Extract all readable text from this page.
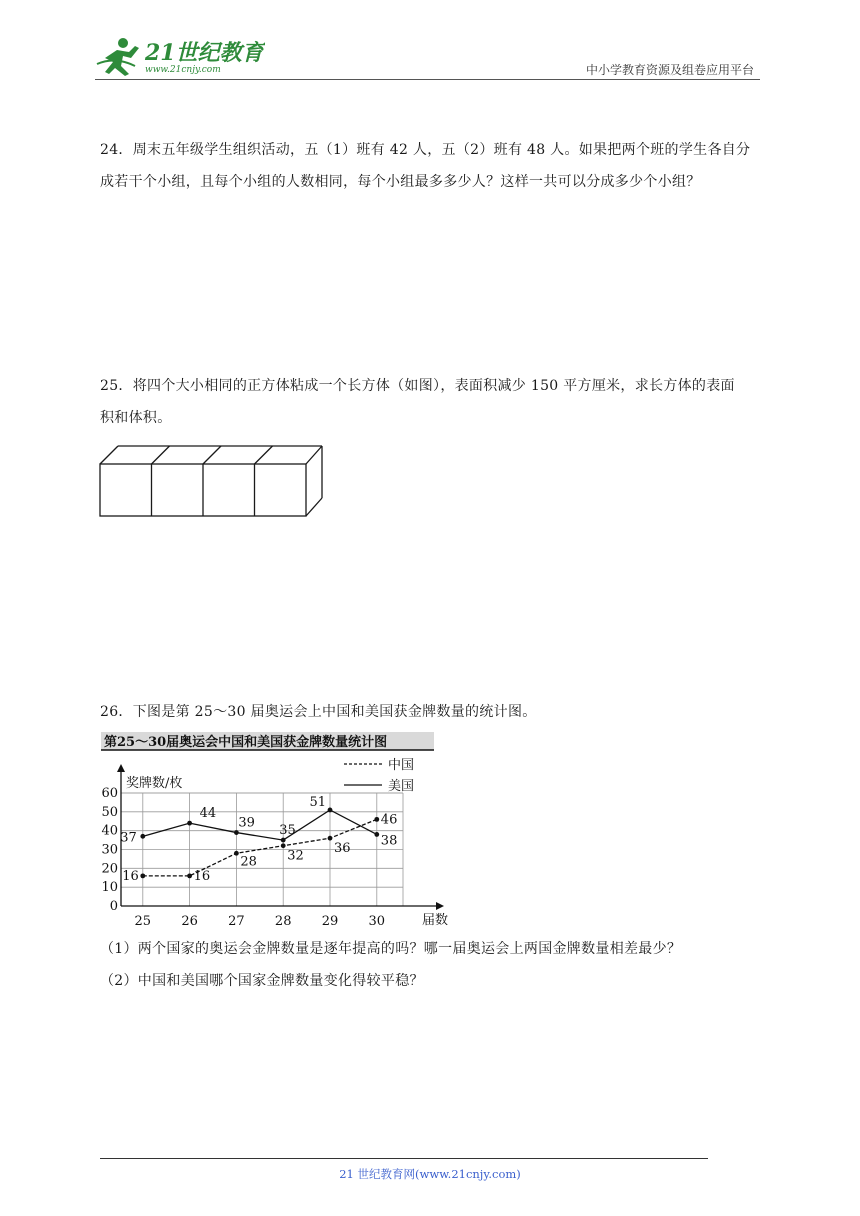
21世纪教育
www.21cnjy.com	中小学教育资源及组卷应用平台

24．周末五年级学生组织活动，五（1）班有 42 人，五（2）班有 48 人。如果把两个班的学生各自分

成若干个小组，且每个小组的人数相同，每个小组最多多少人？这样一共可以分成多少个小组？

25．将四个大小相同的正方体粘成一个长方体（如图），表面积减少 150 平方厘米，求长方体的表面

积和体积。

26．下图是第 25～30 届奥运会上中国和美国获金牌数量的统计图。

第25～30届奥运会中国和美国获金牌数量统计图
0
10
20
30
40
50
60
25 26 27 28 29 30
奖牌数/枚
届数
16	16
28 32
36
46
37
44
39
35
51
38
中国
美国

（1）两个国家的奥运会金牌数量是逐年提高的吗？哪一届奥运会上两国金牌数量相差最少？

（2）中国和美国哪个国家金牌数量变化得较平稳？

21 世纪教育网(www.21cnjy.com)
